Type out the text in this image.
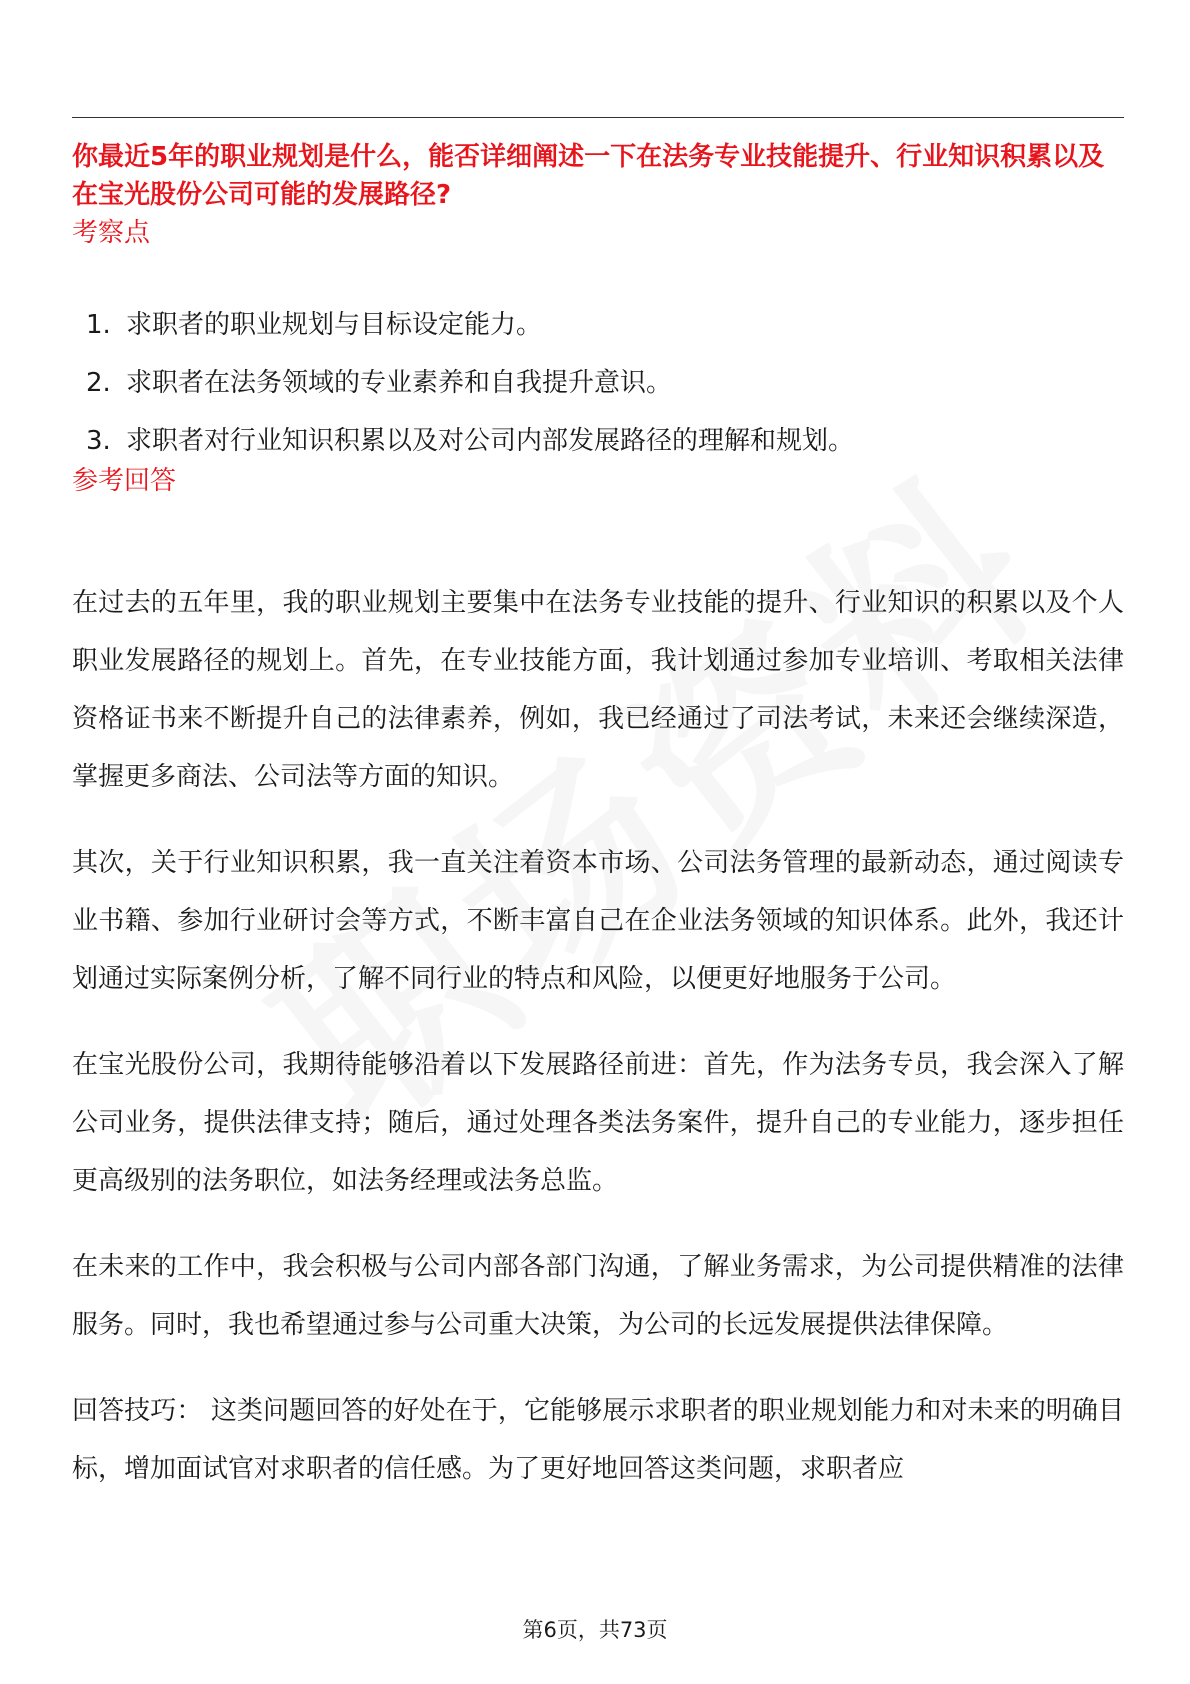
你最近5年的职业规划是什么，能否详细阐述一下在法务专业技能提升、行业知识积累以及在宝光股份公司可能的发展路径?
考察点
1. 求职者的职业规划与目标设定能力。
2. 求职者在法务领域的专业素养和自我提升意识。
3. 求职者对行业知识积累以及对公司内部发展路径的理解和规划。
参考回答

在过去的五年里，我的职业规划主要集中在法务专业技能的提升、行业知识的积累以及个人职业发展路径的规划上。首先，在专业技能方面，我计划通过参加专业培训、考取相关法律资格证书来不断提升自己的法律素养，例如，我已经通过了司法考试，未来还会继续深造，掌握更多商法、公司法等方面的知识。

其次，关于行业知识积累，我一直关注着资本市场、公司法务管理的最新动态，通过阅读专业书籍、参加行业研讨会等方式，不断丰富自己在企业法务领域的知识体系。此外，我还计划通过实际案例分析，了解不同行业的特点和风险，以便更好地服务于公司。

在宝光股份公司，我期待能够沿着以下发展路径前进：首先，作为法务专员，我会深入了解公司业务，提供法律支持；随后，通过处理各类法务案件，提升自己的专业能力，逐步担任更高级别的法务职位，如法务经理或法务总监。

在未来的工作中，我会积极与公司内部各部门沟通，了解业务需求，为公司提供精准的法律服务。同时，我也希望通过参与公司重大决策，为公司的长远发展提供法律保障。

回答技巧： 这类问题回答的好处在于，它能够展示求职者的职业规划能力和对未来的明确目标，增加面试官对求职者的信任感。为了更好地回答这类问题，求职者应

第6页，共73页
